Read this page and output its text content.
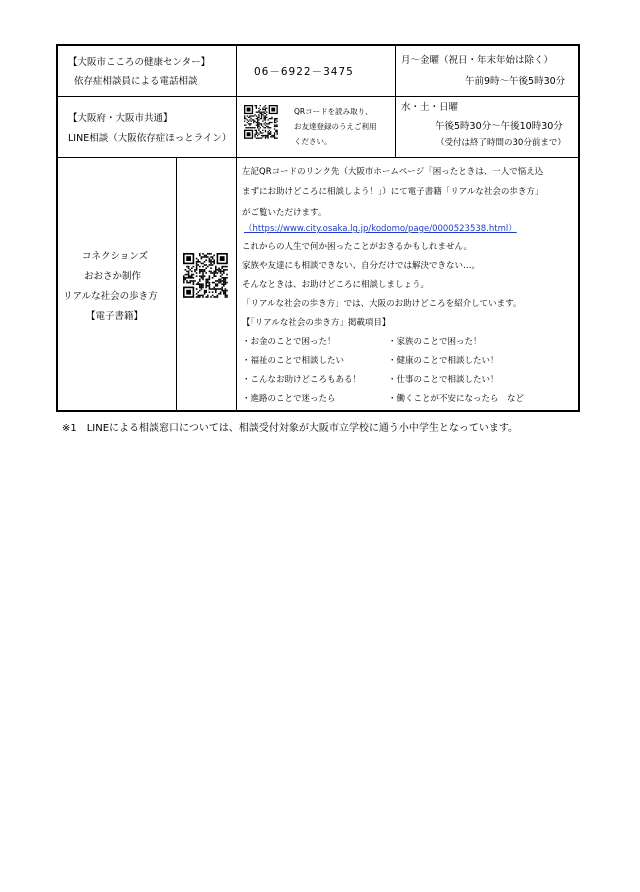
【大阪市こころの健康センター】
依存症相談員による電話相談
06－6922－3475
月～金曜（祝日・年末年始は除く）
午前9時～午後5時30分
【大阪府・大阪市共通】
LINE相談（大阪依存症ほっとライン）
QRコードを読み取り、
お友達登録のうえご利用
ください。
水・土・日曜
午後5時30分～午後10時30分
（受付は終了時間の30分前まで）
コネクションズ
おおさか制作
リアルな社会の歩き方
【電子書籍】
左記QRコードのリンク先（大阪市ホームページ「困ったときは、一人で悩え込
まずにお助けどころに相談しよう！」）にて電子書籍「リアルな社会の歩き方」
がご覧いただけます。
（https://www.city.osaka.lg.jp/kodomo/page/0000523538.html）
これからの人生で何か困ったことがおきるかもしれません。
家族や友達にも相談できない、自分だけでは解決できない…。
そんなときは、お助けどころに相談しましょう。
「リアルな社会の歩き方」では、大阪のお助けどころを紹介しています。
【「リアルな社会の歩き方」掲載項目】
・お金のことで困った！
・福祉のことで相談したい
・こんなお助けどころもある！
・進路のことで迷ったら
・家族のことで困った！
・健康のことで相談したい！
・仕事のことで相談したい！
・働くことが不安になったら　など
※1　LINEによる相談窓口については、相談受付対象が大阪市立学校に通う小中学生となっています。
